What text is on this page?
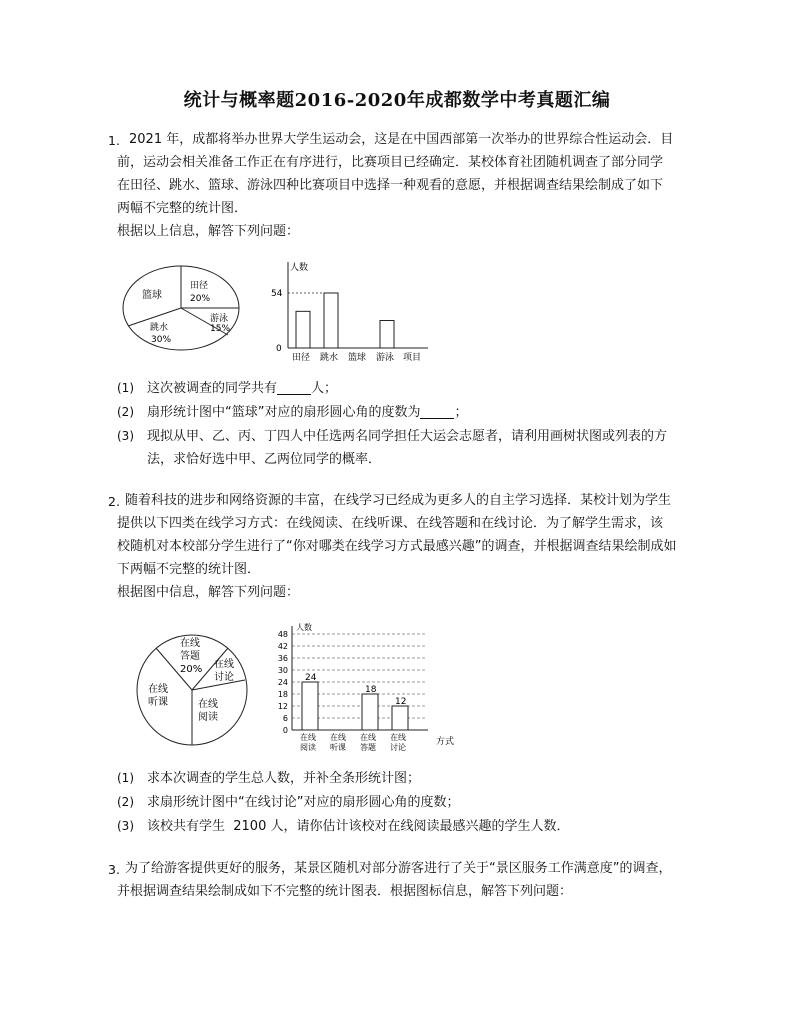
统计与概率题2016-2020年成都数学中考真题汇编
1. 2021 年，成都将举办世界大学生运动会，这是在中国西部第一次举办的世界综合性运动会．目
前，运动会相关准备工作正在有序进行，比赛项目已经确定．某校体育社团随机调查了部分同学
在田径、跳水、篮球、游泳四种比赛项目中选择一种观看的意愿，并根据调查结果绘制成了如下
两幅不完整的统计图．
根据以上信息，解答下列问题：
篮球
田径
20%
游泳
15%
跳水
30%
人数
54
0
田径 跳水 篮球 游泳 项目
(1)	这次被调查的同学共有	人；
(2)	扇形统计图中“篮球”对应的扇形圆心角的度数为	；
(3)	现拟从甲、乙、丙、丁四人中任选两名同学担任大运会志愿者，请利用画树状图或列表的方
法，求恰好选中甲、乙两位同学的概率．
2. 随着科技的进步和网络资源的丰富，在线学习已经成为更多人的自主学习选择．某校计划为学生
提供以下四类在线学习方式：在线阅读、在线听课、在线答题和在线讨论．为了解学生需求，该
校随机对本校部分学生进行了“你对哪类在线学习方式最感兴趣”的调查，并根据调查结果绘制成如
下两幅不完整的统计图．
根据图中信息，解答下列问题：
在线
答题
20% 在线
讨论
在线
听课	在线
阅读
0
6
12
18
24
30
36
42
48
人数
24
18
12
在线
阅读
在线
听课
在线
答题
在线
讨论
方式
(1)	求本次调查的学生总人数，并补全条形统计图；
(2)	求扇形统计图中“在线讨论”对应的扇形圆心角的度数；
(3)	该校共有学生  2100 人，请你估计该校对在线阅读最感兴趣的学生人数．
3. 为了给游客提供更好的服务，某景区随机对部分游客进行了关于“景区服务工作满意度”的调查，
并根据调查结果绘制成如下不完整的统计图表．根据图标信息，解答下列问题：
